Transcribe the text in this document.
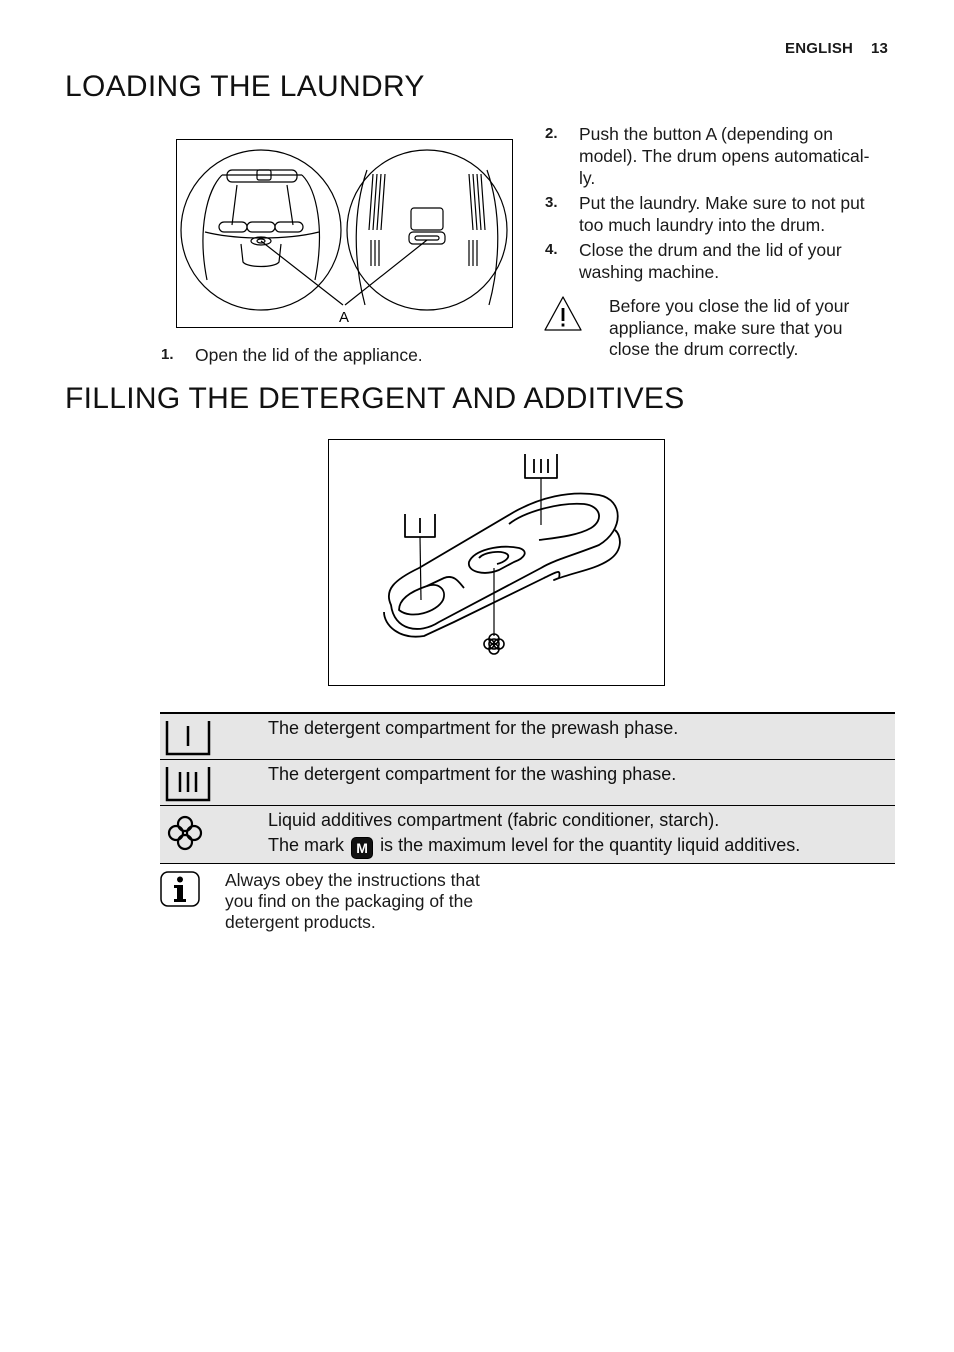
ENGLISH 13
LOADING THE LAUNDRY
A
1. Open the lid of the appliance.
2. Push the button A (depending on
model). The drum opens automatical-
ly.
3. Put the laundry. Make sure to not put
too much laundry into the drum.
4. Close the drum and the lid of your
washing machine.
Before you close the lid of your
appliance, make sure that you
close the drum correctly.
FILLING THE DETERGENT AND ADDITIVES
The detergent compartment for the prewash phase.
The detergent compartment for the washing phase.
Liquid additives compartment (fabric conditioner, starch).
The mark M is the maximum level for the quantity liquid additives.
Always obey the instructions that
you find on the packaging of the
detergent products.
